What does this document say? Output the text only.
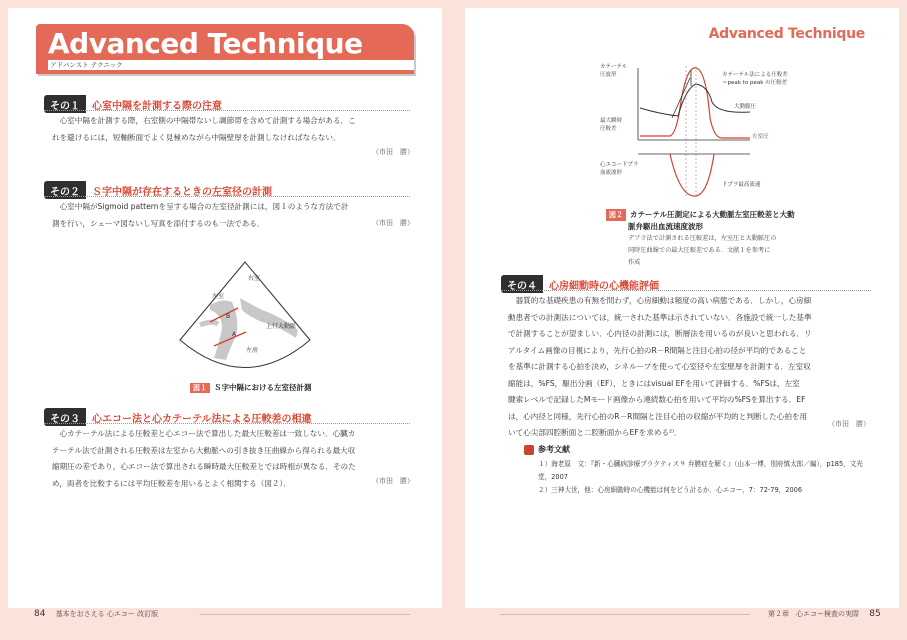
Advanced Technique
アドバンスト テクニック
その１	心室中隔を計測する際の注意
心室中隔を計測する際，右室側の中隔帯ないし調節帯を含めて計測する場合がある．こ
れを避けるには，短軸断面でよく見極めながら中隔壁厚を計測しなければならない．
（市田　勝）
その２	Ｓ字中隔が存在するときの左室径の計測
心室中隔がSigmoid patternを呈する場合の左室径計測には，図１のような方法で計
測を行い，シェーマ図ないし写真を添付するのも一法である．	（市田　勝）
右室
左室
上行大動脈
左房
B
A
図１ Ｓ字中隔における左室径計測
その３	心エコー法と心カテーテル法による圧較差の相違
心カテーテル法による圧較差と心エコー法で算出した最大圧較差は一致しない．心臓カ
テーテル法で計測される圧較差は左室から大動脈への引き抜き圧曲線から得られる最大収
縮期圧の差であり，心エコー法で算出される瞬時最大圧較差とでは時相が異なる．そのた
め，両者を比較するには平均圧較差を用いるとよく相関する（図２）．	（市田　勝）
84 基本をおさえる 心エコー 改訂版
Advanced Technique
カテーテル
圧波形	カテーテル法による圧較差
＝peak to peak の圧較差
大動脈圧
最大瞬時
圧較差
左室圧
心エコードプラ
血流波形
ドプラ最高流速
図２ カテーテル圧測定による大動脈左室圧較差と大動
脈弁駆出血流速度波形
デブラ法で計測される圧較差は，左室圧と大動脈圧の
同時圧曲線での最大圧較差である．文献１を参考に
作成
その４	心房細動時の心機能評価
器質的な基礎疾患の有無を問わず，心房細動は頻度の高い病態である．しかし，心房細
動患者での計測法については，統一された基準は示されていない．各施設で統一した基準
で計測することが望ましい．心内径の計測には，断層法を用いるのが良いと思われる．リ
アルタイム画像の目視により，先行心拍のR－R間隔と注目心拍の径が平均的であること
を基準に計測する心拍を決め，シネループを使って心室径や左室壁厚を計測する．左室収
縮能は，%FS，駆出分画（EF），ときにはvisual EFを用いて評価する．%FSは，左室
腱索レベルで記録したMモード画像から連続数心拍を用いて平均の%FSを算出する．EF
は，心内径と同様，先行心拍のR－R間隔と注目心拍の収縮が平均的と判断した心拍を用
いて心尖部四腔断面と二腔断面からEFを求める²⁾．
（市田　勝）
参考文献
１）海老原　文：『新・心臓病診療プラクティス９ 弁膜症を解く』（山本一博，別府慎太郎／編），p185，文光堂，2007
２）三神大世，他：心房細動時の心機能は何をどう計るか．心エコー，7：72-79，2006
第２章　心エコー検査の実際 85
